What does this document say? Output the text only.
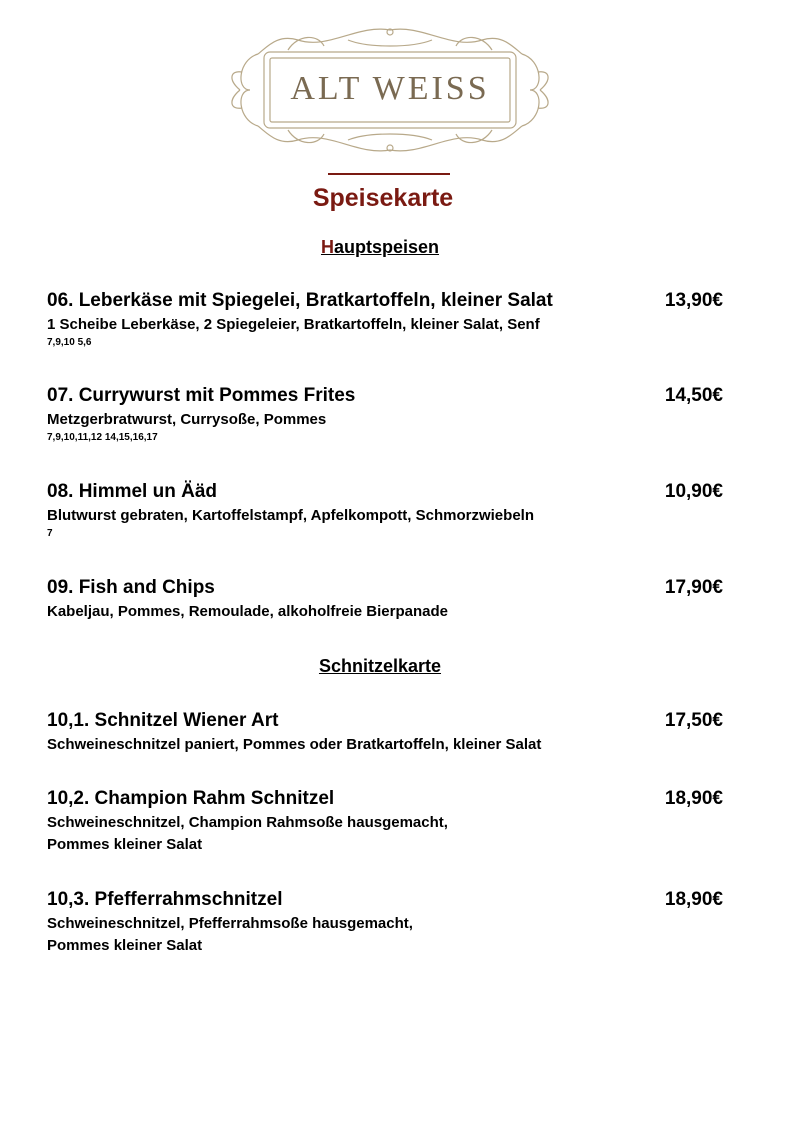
ALT WEISS
Speisekarte
Hauptspeisen
06. Leberkäse mit Spiegelei, Bratkartoffeln, kleiner Salat	13,90€
1 Scheibe Leberkäse, 2 Spiegeleier, Bratkartoffeln, kleiner Salat, Senf
7,9,10 5,6
07. Currywurst mit Pommes Frites	14,50€
Metzgerbratwurst, Currysoße, Pommes
7,9,10,11,12 14,15,16,17
08. Himmel un Ääd	10,90€
Blutwurst gebraten, Kartoffelstampf, Apfelkompott, Schmorzwiebeln
7
09. Fish and Chips	17,90€
Kabeljau, Pommes, Remoulade, alkoholfreie Bierpanade
Schnitzelkarte
10,1. Schnitzel Wiener Art	17,50€
Schweineschnitzel paniert, Pommes oder Bratkartoffeln, kleiner Salat
10,2. Champion Rahm Schnitzel	18,90€
Schweineschnitzel, Champion Rahmsoße hausgemacht,
Pommes kleiner Salat
10,3. Pfefferrahmschnitzel	18,90€
Schweineschnitzel, Pfefferrahmsoße hausgemacht,
Pommes kleiner Salat
